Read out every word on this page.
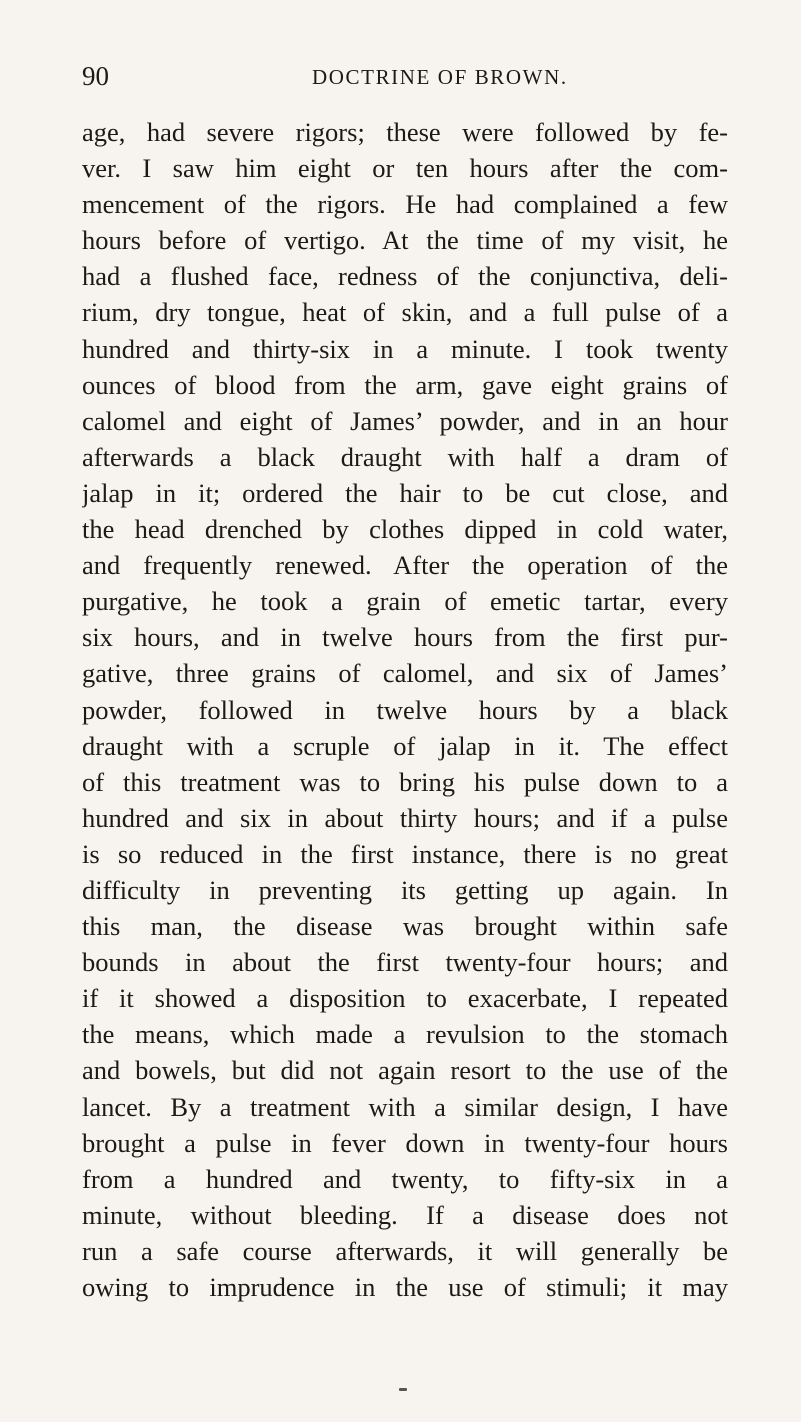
90	DOCTRINE OF BROWN.
age, had severe rigors; these were followed by fe-
ver. I saw him eight or ten hours after the com-
mencement of the rigors. He had complained a few
hours before of vertigo. At the time of my visit, he
had a flushed face, redness of the conjunctiva, deli-
rium, dry tongue, heat of skin, and a full pulse of a
hundred and thirty-six in a minute. I took twenty
ounces of blood from the arm, gave eight grains of
calomel and eight of James’ powder, and in an hour
afterwards a black draught with half a dram of
jalap in it; ordered the hair to be cut close, and
the head drenched by clothes dipped in cold water,
and frequently renewed. After the operation of the
purgative, he took a grain of emetic tartar, every
six hours, and in twelve hours from the first pur-
gative, three grains of calomel, and six of James’
powder, followed in twelve hours by a black
draught with a scruple of jalap in it. The effect
of this treatment was to bring his pulse down to a
hundred and six in about thirty hours; and if a pulse
is so reduced in the first instance, there is no great
difficulty in preventing its getting up again. In
this man, the disease was brought within safe
bounds in about the first twenty-four hours; and
if it showed a disposition to exacerbate, I repeated
the means, which made a revulsion to the stomach
and bowels, but did not again resort to the use of the
lancet. By a treatment with a similar design, I have
brought a pulse in fever down in twenty-four hours
from a hundred and twenty, to fifty-six in a
minute, without bleeding. If a disease does not
run a safe course afterwards, it will generally be
owing to imprudence in the use of stimuli; it may
